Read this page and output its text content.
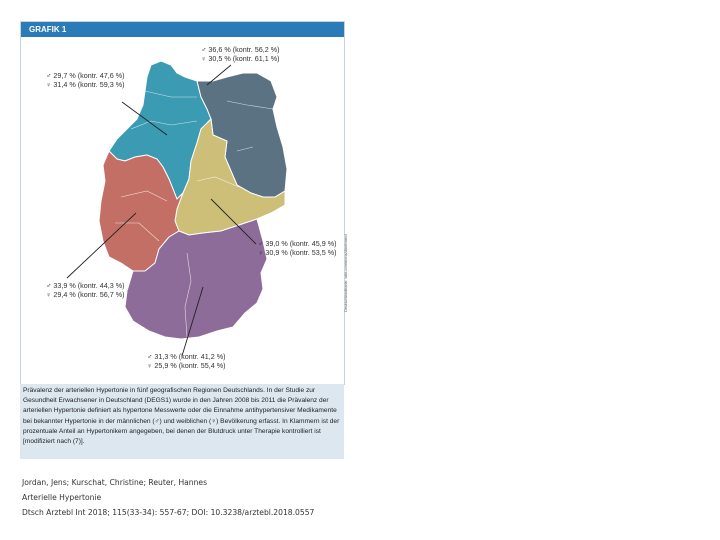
GRAFIK 1
♂ 29,7 % (kontr. 47,6 %)
♀ 31,4 % (kontr. 59,3 %)
♂ 36,6 % (kontr. 56,2 %)
♀ 30,5 % (kontr. 61,1 %)
♂ 39,0 % (kontr. 45,9 %)
♀ 30,9 % (kontr. 53,5 %)
♂ 33,9 % (kontr. 44,3 %)
♀ 29,4 % (kontr. 56,7 %)
♂ 31,3 % (kontr. 41,2 %)
♀ 25,9 % (kontr. 55,4 %)
Deutschlandkarte: wiki-commons/dinebrand
Prävalenz der arteriellen Hypertonie in fünf geografischen Regionen Deutschlands. In der Studie zur Gesundheit Erwachsener in Deutschland (DEGS1) wurde in den Jahren 2008 bis 2011 die Prävalenz der arteriellen Hypertonie definiert als hypertone Messwerte oder die Einnahme antihypertensiver Medikamente bei bekannter Hypertonie in der männlichen (♂) und weiblichen (♀) Bevölkerung erfasst. In Klammern ist der prozentuale Anteil an Hypertonikern angegeben, bei denen der Blutdruck unter Therapie kontrolliert ist [modifiziert nach (7)].
Jordan, Jens; Kurschat, Christine; Reuter, Hannes
Arterielle Hypertonie
Dtsch Arztebl Int 2018; 115(33-34): 557-67; DOI: 10.3238/arztebl.2018.0557
